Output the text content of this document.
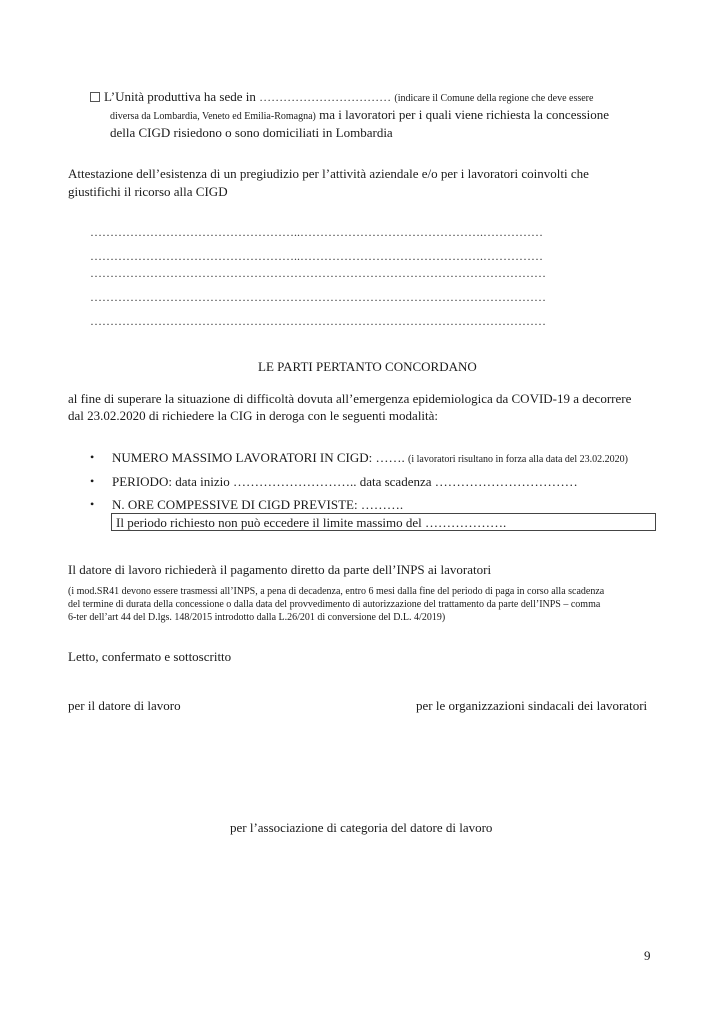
L’Unità produttiva ha sede in …………………………… (indicare il Comune della regione che deve essere
diversa da Lombardia, Veneto ed Emilia-Romagna) ma i lavoratori per i quali viene richiesta la concessione
della CIGD risiedono o sono domiciliati in Lombardia
Attestazione dell’esistenza di un pregiudizio per l’attività aziendale e/o per i lavoratori coinvolti che
giustifichi il ricorso alla CIGD
……………………………………………..……………………………………….……………
……………………………………………..……………………………………….……………
……………………………………………………………………………………………………
……………………………………………………………………………………………………
……………………………………………………………………………………………………
LE PARTI PERTANTO CONCORDANO
al fine di superare la situazione di difficoltà dovuta all’emergenza epidemiologica da COVID-19 a decorrere
dal 23.02.2020 di richiedere la CIG in deroga con le seguenti modalità:
• NUMERO MASSIMO LAVORATORI IN CIGD: ……. (i lavoratori risultano in forza alla data del 23.02.2020)
• PERIODO: data inizio ……………………….. data scadenza ……………………………
• N. ORE COMPESSIVE DI CIGD PREVISTE: ……….
Il periodo richiesto non può eccedere il limite massimo del ……………….
Il datore di lavoro richiederà il pagamento diretto da parte dell’INPS ai lavoratori
(i mod.SR41 devono essere trasmessi all’INPS, a pena di decadenza, entro 6 mesi dalla fine del periodo di paga in corso alla scadenza
del termine di durata della concessione o dalla data del provvedimento di autorizzazione del trattamento da parte dell’INPS – comma
6-ter dell’art 44 del D.lgs. 148/2015 introdotto dalla L.26/201 di conversione del D.L. 4/2019)
Letto, confermato e sottoscritto
per il datore di lavoro	per le organizzazioni sindacali dei lavoratori
per l’associazione di categoria del datore di lavoro
9
